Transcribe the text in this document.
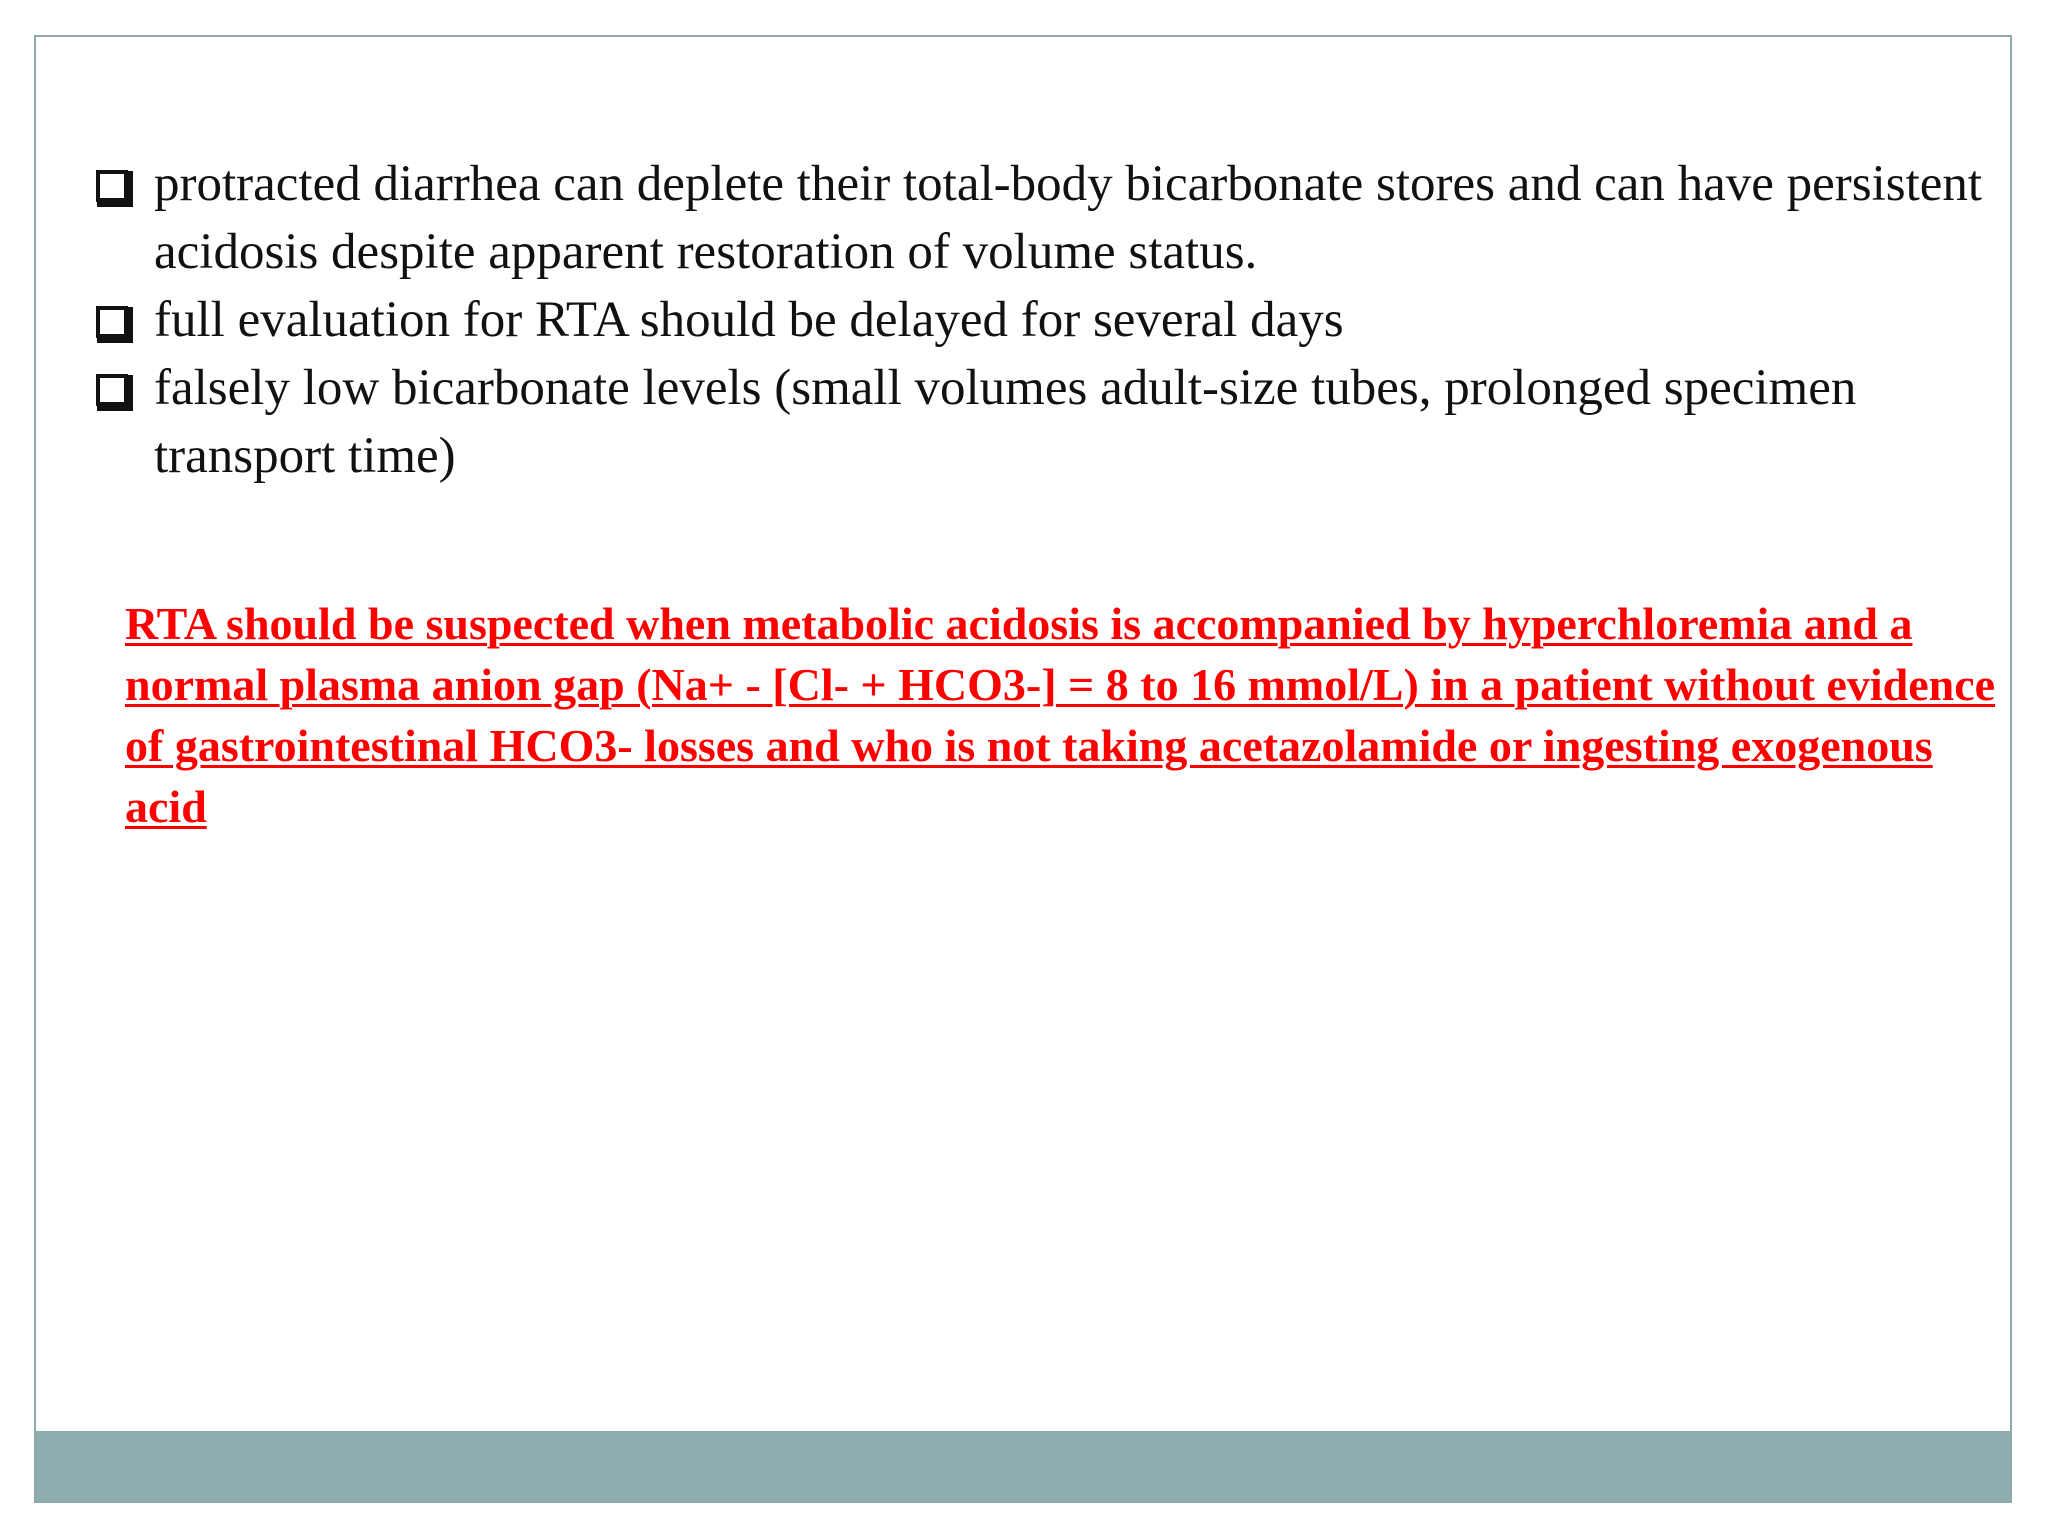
protracted diarrhea can deplete their total-body bicarbonate stores and can have persistent acidosis despite apparent restoration of volume status.
full evaluation for RTA should be delayed for several days
falsely low bicarbonate levels (small volumes adult-size tubes, prolonged specimen transport time)

RTA should be suspected when metabolic acidosis is accompanied by hyperchloremia and a normal plasma anion gap (Na+ - [Cl- + HCO3-] = 8 to 16 mmol/L) in a patient without evidence of gastrointestinal HCO3- losses and who is not taking acetazolamide or ingesting exogenous acid
